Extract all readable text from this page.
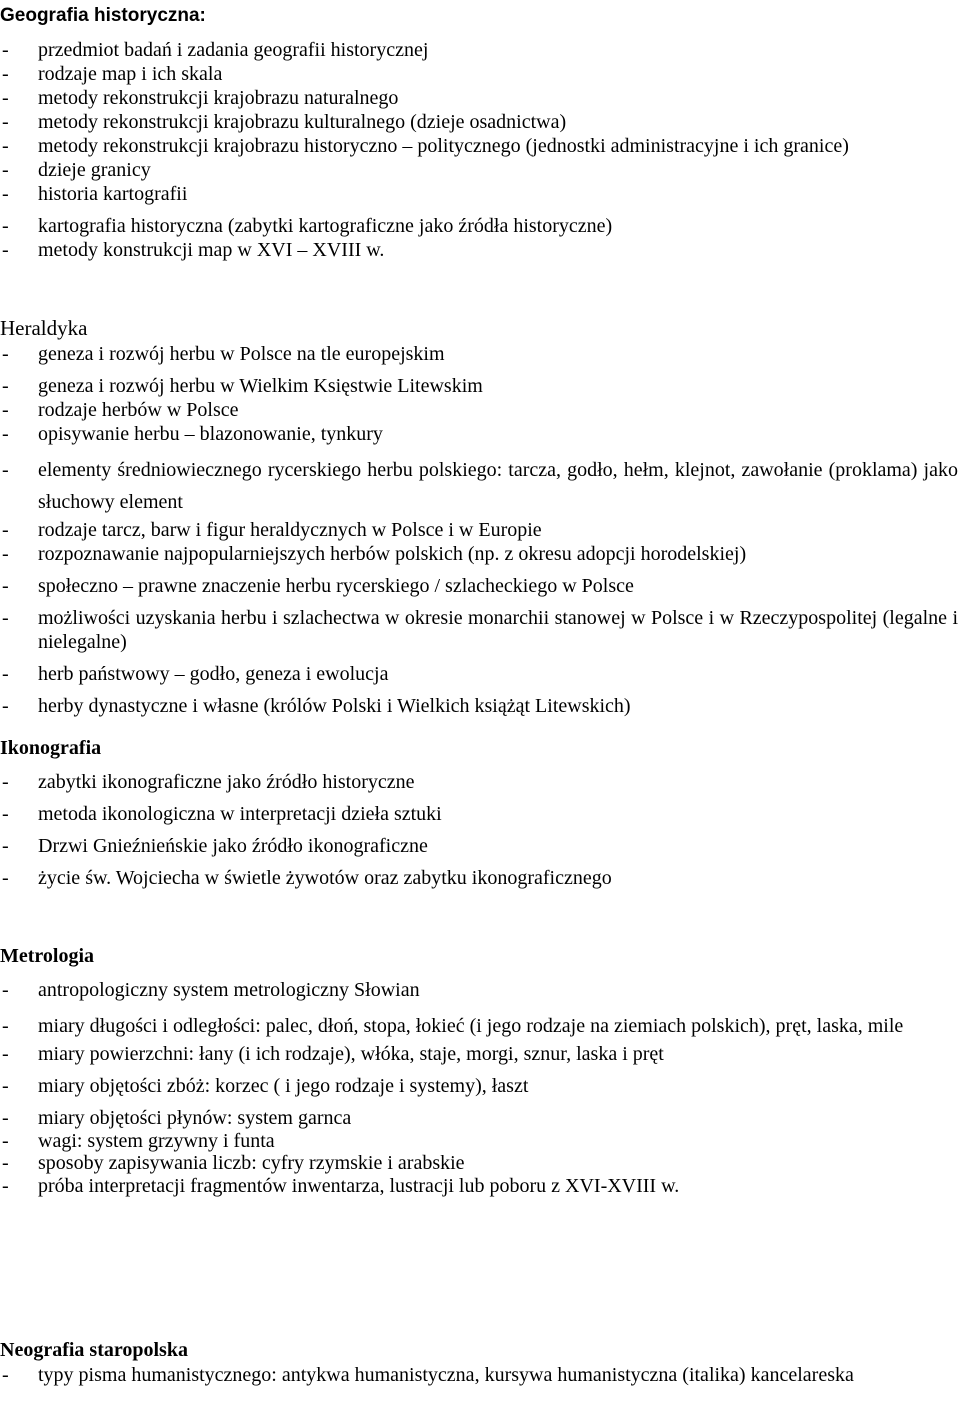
Geografia historyczna:
- przedmiot badań i zadania geografii historycznej
- rodzaje map i ich skala
- metody rekonstrukcji krajobrazu naturalnego
- metody rekonstrukcji krajobrazu kulturalnego (dzieje osadnictwa)
- metody rekonstrukcji krajobrazu historyczno – politycznego (jednostki administracyjne i ich granice)
- dzieje granicy
- historia kartografii
- kartografia historyczna (zabytki kartograficzne jako źródła historyczne)
- metody konstrukcji map w XVI – XVIII w.
Heraldyka
- geneza i rozwój herbu w Polsce na tle europejskim
- geneza i rozwój herbu w Wielkim Księstwie Litewskim
- rodzaje herbów w Polsce
- opisywanie herbu – blazonowanie, tynkury
- elementy średniowiecznego rycerskiego herbu polskiego: tarcza, godło, hełm, klejnot, zawołanie (proklama) jako słuchowy element
- rodzaje tarcz, barw i figur heraldycznych w Polsce i w Europie
- rozpoznawanie najpopularniejszych herbów polskich (np. z okresu adopcji horodelskiej)
- społeczno – prawne znaczenie herbu rycerskiego / szlacheckiego w Polsce
- możliwości uzyskania herbu i szlachectwa w okresie monarchii stanowej w Polsce i w Rzeczypospolitej (legalne i nielegalne)
- herb państwowy – godło, geneza i ewolucja
- herby dynastyczne i własne (królów Polski i Wielkich książąt Litewskich)
Ikonografia
- zabytki ikonograficzne jako źródło historyczne
- metoda ikonologiczna w interpretacji dzieła sztuki
- Drzwi Gnieźnieńskie jako źródło ikonograficzne
- życie św. Wojciecha w świetle żywotów oraz zabytku ikonograficznego
Metrologia
- antropologiczny system metrologiczny Słowian
- miary długości i odległości: palec, dłoń, stopa, łokieć (i jego rodzaje na ziemiach polskich), pręt, laska, mile
- miary powierzchni: łany (i ich rodzaje), włóka, staje, morgi, sznur, laska i pręt
- miary objętości zbóż: korzec ( i jego rodzaje i systemy), łaszt
- miary objętości płynów: system garnca
- wagi: system grzywny i funta
- sposoby zapisywania liczb: cyfry rzymskie i arabskie
- próba interpretacji fragmentów inwentarza, lustracji lub poboru z XVI-XVIII w.
Neografia staropolska
- typy pisma humanistycznego: antykwa humanistyczna, kursywa humanistyczna (italika) kancelareska
